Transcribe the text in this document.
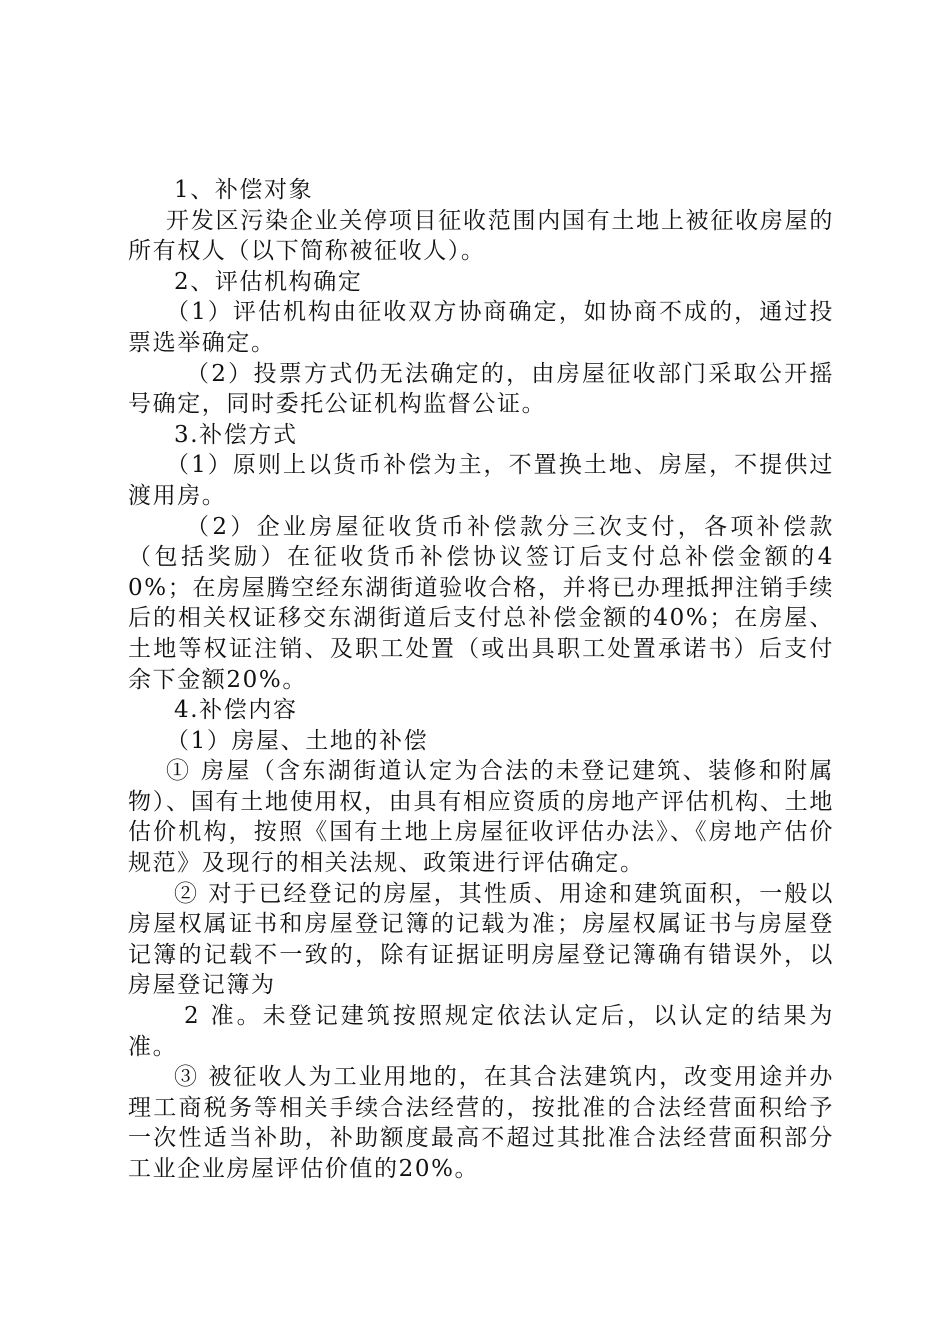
1、补偿对象

开发区污染企业关停项目征收范围内国有土地上被征收房屋的所有权人（以下简称被征收人）。

2、评估机构确定

（1）评估机构由征收双方协商确定，如协商不成的，通过投票选举确定。

（2）投票方式仍无法确定的，由房屋征收部门采取公开摇号确定，同时委托公证机构监督公证。

3.补偿方式

（1）原则上以货币补偿为主，不置换土地、房屋，不提供过渡用房。

（2）企业房屋征收货币补偿款分三次支付，各项补偿款（包括奖励）在征收货币补偿协议签订后支付总补偿金额的40%；在房屋腾空经东湖街道验收合格，并将已办理抵押注销手续后的相关权证移交东湖街道后支付总补偿金额的40%；在房屋、土地等权证注销、及职工处置（或出具职工处置承诺书）后支付余下金额20%。

4.补偿内容

（1）房屋、土地的补偿

① 房屋（含东湖街道认定为合法的未登记建筑、装修和附属物）、国有土地使用权，由具有相应资质的房地产评估机构、土地估价机构，按照《国有土地上房屋征收评估办法》、《房地产估价规范》及现行的相关法规、政策进行评估确定。

② 对于已经登记的房屋，其性质、用途和建筑面积，一般以房屋权属证书和房屋登记簿的记载为准；房屋权属证书与房屋登记簿的记载不一致的，除有证据证明房屋登记簿确有错误外，以房屋登记簿为

2 准。未登记建筑按照规定依法认定后，以认定的结果为准。

③ 被征收人为工业用地的，在其合法建筑内，改变用途并办理工商税务等相关手续合法经营的，按批准的合法经营面积给予一次性适当补助，补助额度最高不超过其批准合法经营面积部分工业企业房屋评估价值的20%。
